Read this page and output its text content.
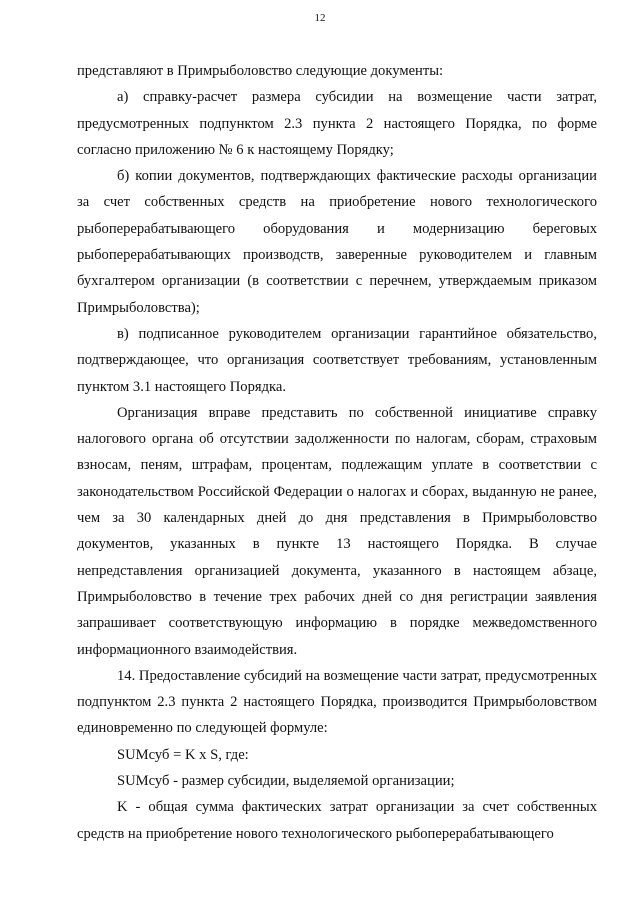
12

представляют в Примрыболовство следующие документы:

а) справку-расчет размера субсидии на возмещение части затрат, предусмотренных подпунктом 2.3 пункта 2 настоящего Порядка, по форме согласно приложению № 6 к настоящему Порядку;

б) копии документов, подтверждающих фактические расходы организации за счет собственных средств на приобретение нового технологического рыбоперерабатывающего оборудования и модернизацию береговых рыбоперерабатывающих производств, заверенные руководителем и главным бухгалтером организации (в соответствии с перечнем, утверждаемым приказом Примрыболовства);

в) подписанное руководителем организации гарантийное обязательство, подтверждающее, что организация соответствует требованиям, установленным пунктом 3.1 настоящего Порядка.

Организация вправе представить по собственной инициативе справку налогового органа об отсутствии задолженности по налогам, сборам, страховым взносам, пеням, штрафам, процентам, подлежащим уплате в соответствии с законодательством Российской Федерации о налогах и сборах, выданную не ранее, чем за 30 календарных дней до дня представления в Примрыболовство документов, указанных в пункте 13 настоящего Порядка. В случае непредставления организацией документа, указанного в настоящем абзаце, Примрыболовство в течение трех рабочих дней со дня регистрации заявления запрашивает соответствующую информацию в порядке межведомственного информационного взаимодействия.

14. Предоставление субсидий на возмещение части затрат, предусмотренных подпунктом 2.3 пункта 2 настоящего Порядка, производится Примрыболовством единовременно по следующей формуле:

SUMсуб = K x S, где:

SUMсуб - размер субсидии, выделяемой организации;

K - общая сумма фактических затрат организации за счет собственных средств на приобретение нового технологического рыбоперерабатывающего
